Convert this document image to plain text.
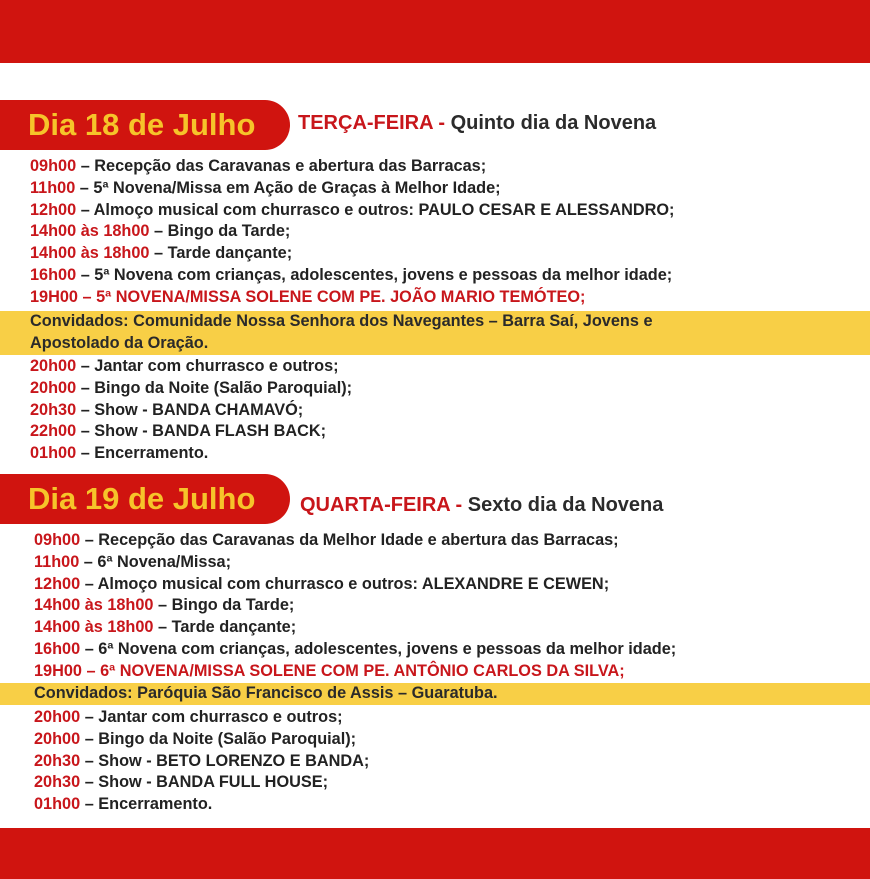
Dia 18 de Julho	TERÇA-FEIRA - Quinto dia da Novena
09h00 – Recepção das Caravanas e abertura das Barracas;
11h00 – 5ª Novena/Missa em Ação de Graças à Melhor Idade;
12h00 – Almoço musical com churrasco e outros: PAULO CESAR E ALESSANDRO;
14h00 às 18h00 – Bingo da Tarde;
14h00 às 18h00 – Tarde dançante;
16h00 – 5ª Novena com crianças, adolescentes, jovens e pessoas da melhor idade;
19H00 – 5ª NOVENA/MISSA SOLENE COM PE. JOÃO MARIO TEMÓTEO;
Convidados: Comunidade Nossa Senhora dos Navegantes – Barra Saí, Jovens e
Apostolado da Oração.
20h00 – Jantar com churrasco e outros;
20h00 – Bingo da Noite (Salão Paroquial);
20h30 – Show - BANDA CHAMAVÓ;
22h00 – Show - BANDA FLASH BACK;
01h00 – Encerramento.
Dia 19 de Julho	QUARTA-FEIRA - Sexto dia da Novena
09h00 – Recepção das Caravanas da Melhor Idade e abertura das Barracas;
11h00 – 6ª Novena/Missa;
12h00 – Almoço musical com churrasco e outros: ALEXANDRE E CEWEN;
14h00 às 18h00 – Bingo da Tarde;
14h00 às 18h00 – Tarde dançante;
16h00 – 6ª Novena com crianças, adolescentes, jovens e pessoas da melhor idade;
19H00 – 6ª NOVENA/MISSA SOLENE COM PE. ANTÔNIO CARLOS DA SILVA;
Convidados: Paróquia São Francisco de Assis – Guaratuba.
20h00 – Jantar com churrasco e outros;
20h00 – Bingo da Noite (Salão Paroquial);
20h30 – Show - BETO LORENZO E BANDA;
20h30 – Show - BANDA FULL HOUSE;
01h00 – Encerramento.
